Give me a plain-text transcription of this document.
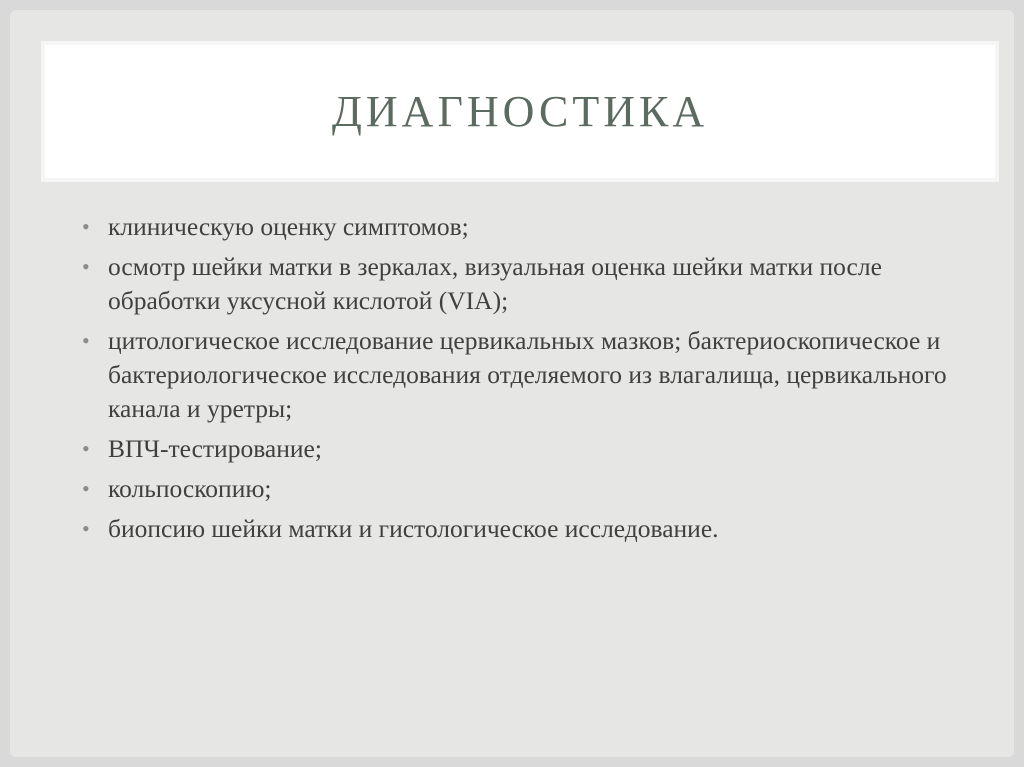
ДИАГНОСТИКА
• клиническую оценку симптомов;
• осмотр шейки матки в зеркалах, визуальная оценка шейки матки после обработки уксусной кислотой (VIA);
• цитологическое исследование цервикальных мазков; бактериоскопическое и бактериологическое исследования отделяемого из влагалища, цервикального канала и уретры;
• ВПЧ-тестирование;
• кольпоскопию;
• биопсию шейки матки и гистологическое исследование.
